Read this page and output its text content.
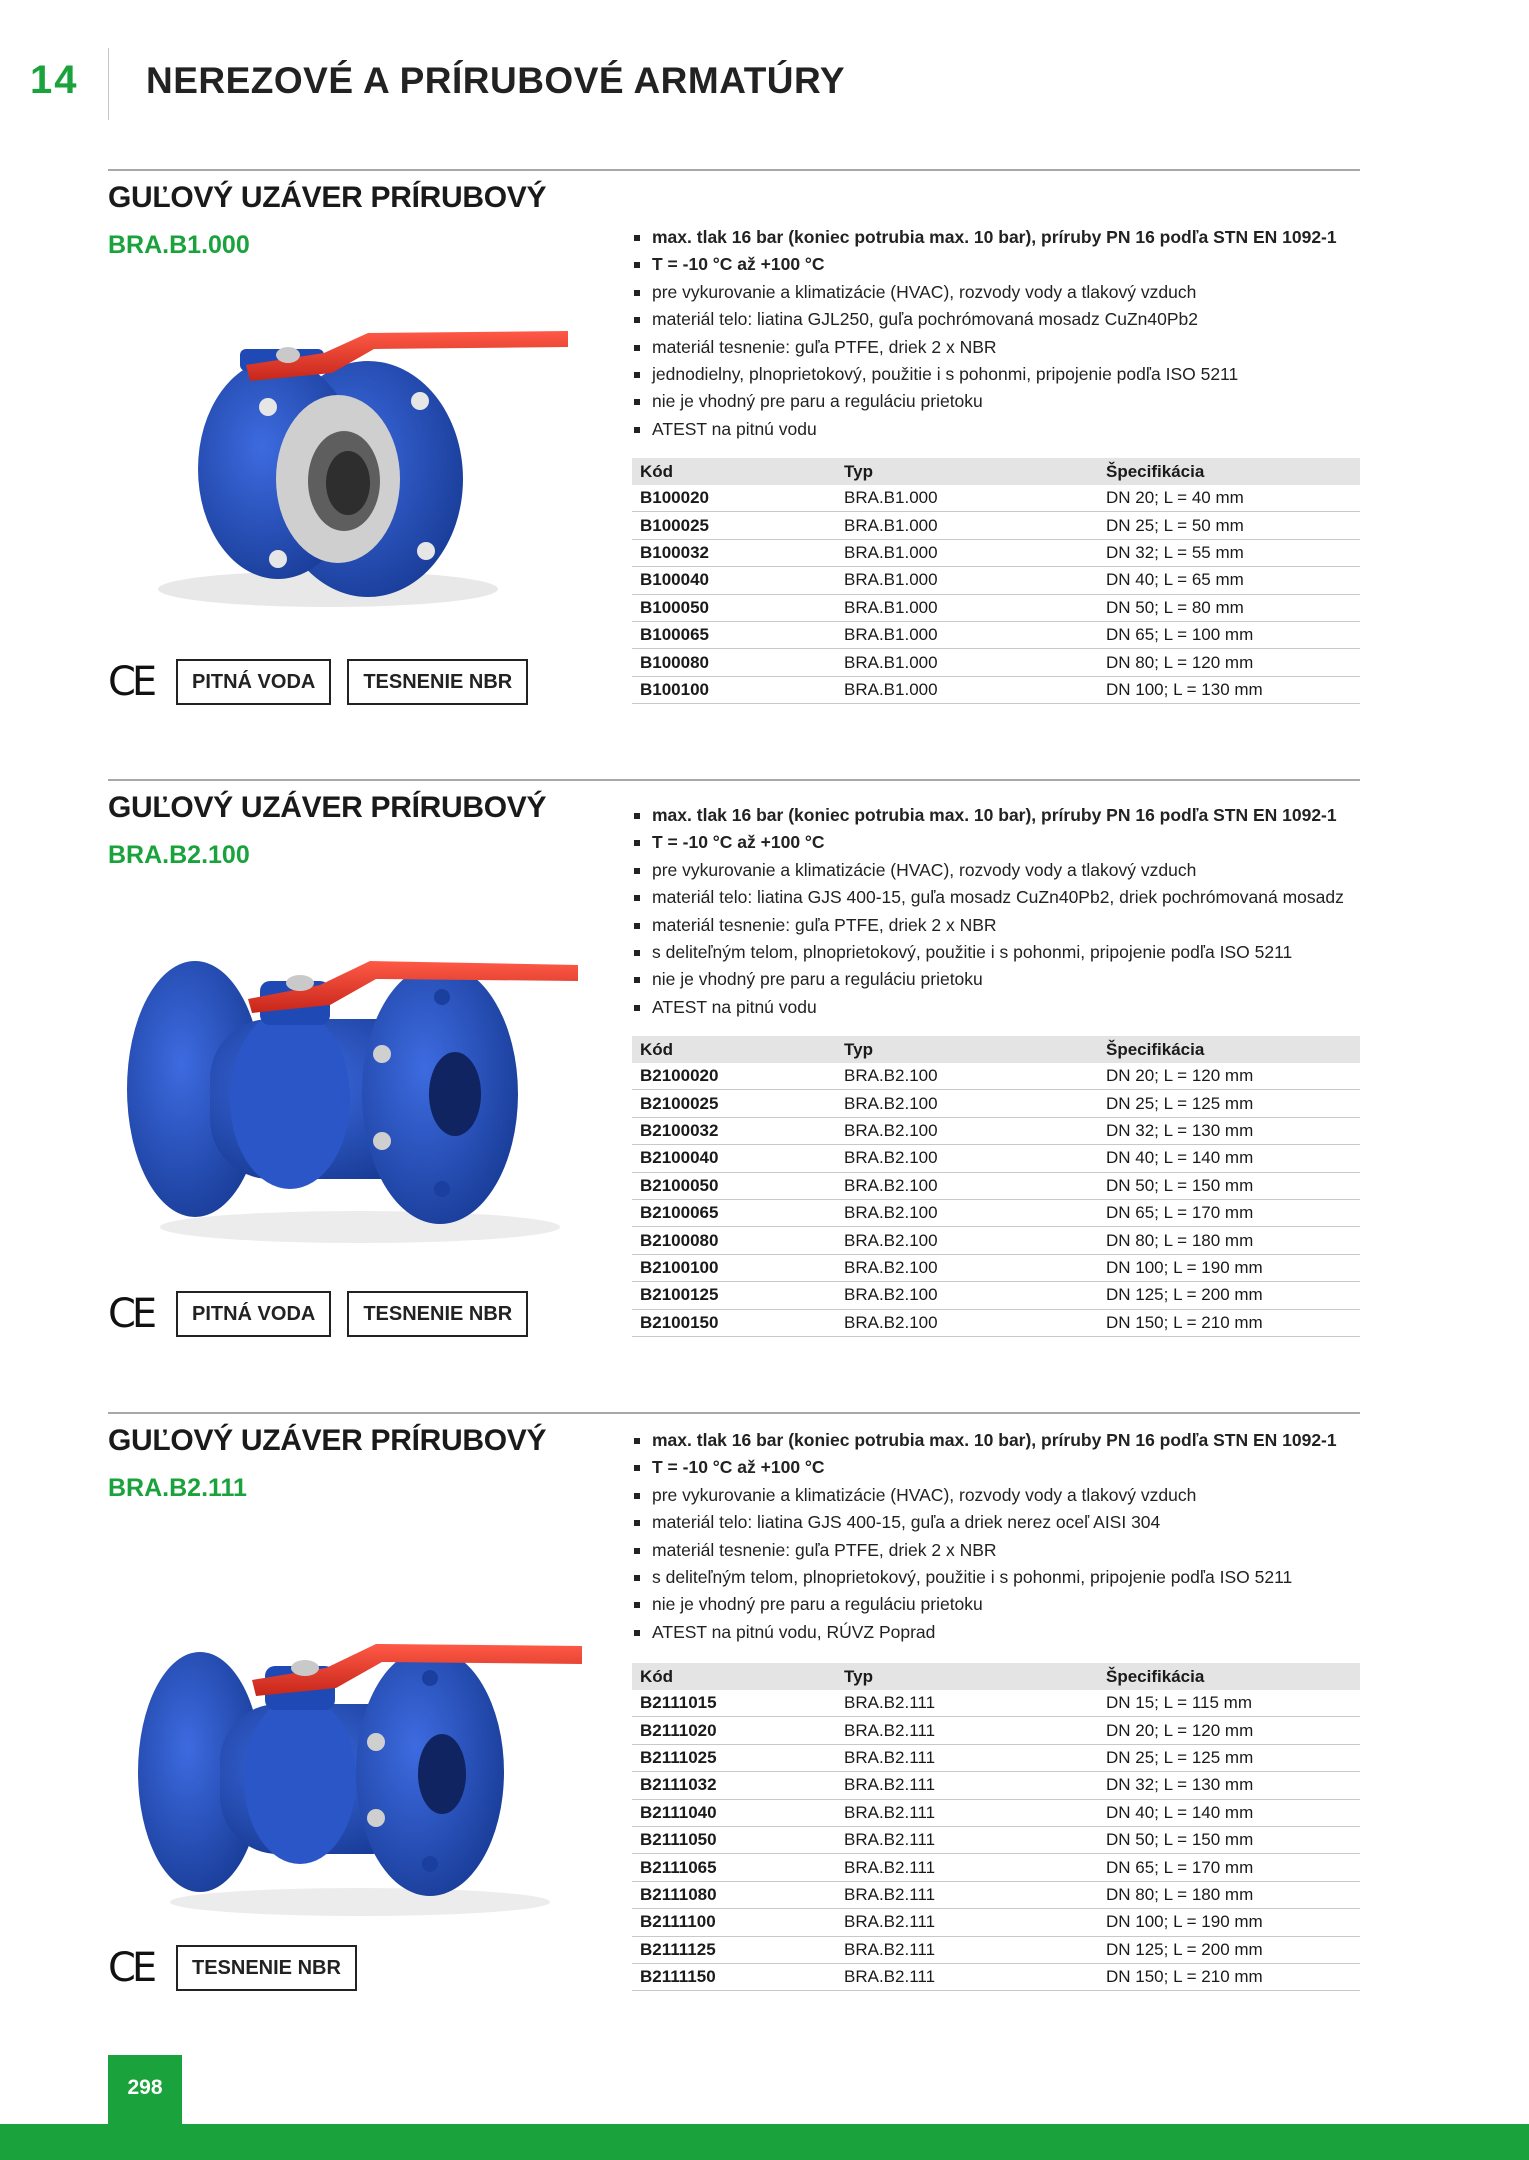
14 NEREZOVÉ A PRÍRUBOVÉ ARMATÚRY
GUĽOVÝ UZÁVER PRÍRUBOVÝ
BRA.B1.000
CE	PITNÁ VODA	TESNENIE NBR
max. tlak 16 bar (koniec potrubia max. 10 bar), príruby PN 16 podľa STN EN 1092-1
T = -10 °C až +100 °C
pre vykurovanie a klimatizácie (HVAC), rozvody vody a tlakový vzduch
materiál telo: liatina GJL250, guľa pochrómovaná mosadz CuZn40Pb2
materiál tesnenie: guľa PTFE, driek 2 x NBR
jednodielny, plnoprietokový, použitie i s pohonmi, pripojenie podľa ISO 5211
nie je vhodný pre paru a reguláciu prietoku
ATEST na pitnú vodu
Kód	Typ	Špecifikácia
B100020	BRA.B1.000	DN 20; L = 40 mm
B100025	BRA.B1.000	DN 25; L = 50 mm
B100032	BRA.B1.000	DN 32; L = 55 mm
B100040	BRA.B1.000	DN 40; L = 65 mm
B100050	BRA.B1.000	DN 50; L = 80 mm
B100065	BRA.B1.000	DN 65; L = 100 mm
B100080	BRA.B1.000	DN 80; L = 120 mm
B100100	BRA.B1.000	DN 100; L = 130 mm
GUĽOVÝ UZÁVER PRÍRUBOVÝ
BRA.B2.100
CE	PITNÁ VODA	TESNENIE NBR
max. tlak 16 bar (koniec potrubia max. 10 bar), príruby PN 16 podľa STN EN 1092-1
T = -10 °C až +100 °C
pre vykurovanie a klimatizácie (HVAC), rozvody vody a tlakový vzduch
materiál telo: liatina GJS 400-15, guľa mosadz CuZn40Pb2, driek pochrómovaná mosadz
materiál tesnenie: guľa PTFE, driek 2 x NBR
s deliteľným telom, plnoprietokový, použitie i s pohonmi, pripojenie podľa ISO 5211
nie je vhodný pre paru a reguláciu prietoku
ATEST na pitnú vodu
Kód	Typ	Špecifikácia
B2100020	BRA.B2.100	DN 20; L = 120 mm
B2100025	BRA.B2.100	DN 25; L = 125 mm
B2100032	BRA.B2.100	DN 32; L = 130 mm
B2100040	BRA.B2.100	DN 40; L = 140 mm
B2100050	BRA.B2.100	DN 50; L = 150 mm
B2100065	BRA.B2.100	DN 65; L = 170 mm
B2100080	BRA.B2.100	DN 80; L = 180 mm
B2100100	BRA.B2.100	DN 100; L = 190 mm
B2100125	BRA.B2.100	DN 125; L = 200 mm
B2100150	BRA.B2.100	DN 150; L = 210 mm
GUĽOVÝ UZÁVER PRÍRUBOVÝ
BRA.B2.111
CE	TESNENIE NBR
max. tlak 16 bar (koniec potrubia max. 10 bar), príruby PN 16 podľa STN EN 1092-1
T = -10 °C až +100 °C
pre vykurovanie a klimatizácie (HVAC), rozvody vody a tlakový vzduch
materiál telo: liatina GJS 400-15, guľa a driek nerez oceľ AISI 304
materiál tesnenie: guľa PTFE, driek 2 x NBR
s deliteľným telom, plnoprietokový, použitie i s pohonmi, pripojenie podľa ISO 5211
nie je vhodný pre paru a reguláciu prietoku
ATEST na pitnú vodu, RÚVZ Poprad
Kód	Typ	Špecifikácia
B2111015	BRA.B2.111	DN 15; L = 115 mm
B2111020	BRA.B2.111	DN 20; L = 120 mm
B2111025	BRA.B2.111	DN 25; L = 125 mm
B2111032	BRA.B2.111	DN 32; L = 130 mm
B2111040	BRA.B2.111	DN 40; L = 140 mm
B2111050	BRA.B2.111	DN 50; L = 150 mm
B2111065	BRA.B2.111	DN 65; L = 170 mm
B2111080	BRA.B2.111	DN 80; L = 180 mm
B2111100	BRA.B2.111	DN 100; L = 190 mm
B2111125	BRA.B2.111	DN 125; L = 200 mm
B2111150	BRA.B2.111	DN 150; L = 210 mm
298
